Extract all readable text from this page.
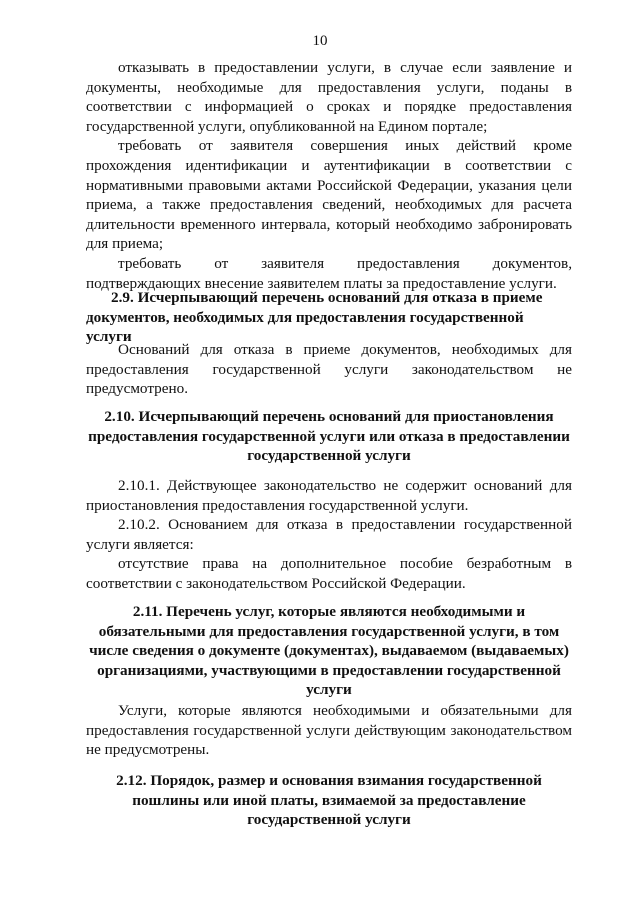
10

отказывать в предоставлении услуги, в случае если заявление и документы, необходимые для предоставления услуги, поданы в соответствии с информацией о сроках и порядке предоставления государственной услуги, опубликованной на Едином портале;

требовать от заявителя совершения иных действий кроме прохождения идентификации и аутентификации в соответствии с нормативными правовыми актами Российской Федерации, указания цели приема, а также предоставления сведений, необходимых для расчета длительности временного интервала, который необходимо забронировать для приема;

требовать от заявителя предоставления документов, подтверждающих внесение заявителем платы за предоставление услуги.

2.9. Исчерпывающий перечень оснований для отказа в приеме документов, необходимых для предоставления государственной услуги

Оснований для отказа в приеме документов, необходимых для предоставления государственной услуги законодательством не предусмотрено.

2.10. Исчерпывающий перечень оснований для приостановления предоставления государственной услуги или отказа в предоставлении государственной услуги

2.10.1. Действующее законодательство не содержит оснований для приостановления предоставления государственной услуги.

2.10.2. Основанием для отказа в предоставлении государственной услуги является:

отсутствие права на дополнительное пособие безработным в соответствии с законодательством Российской Федерации.

2.11. Перечень услуг, которые являются необходимыми и обязательными для предоставления государственной услуги, в том числе сведения о документе (документах), выдаваемом (выдаваемых) организациями, участвующими в предоставлении государственной услуги

Услуги, которые являются необходимыми и обязательными для предоставления государственной услуги действующим законодательством не предусмотрены.

2.12. Порядок, размер и основания взимания государственной пошлины или иной платы, взимаемой за предоставление государственной услуги
